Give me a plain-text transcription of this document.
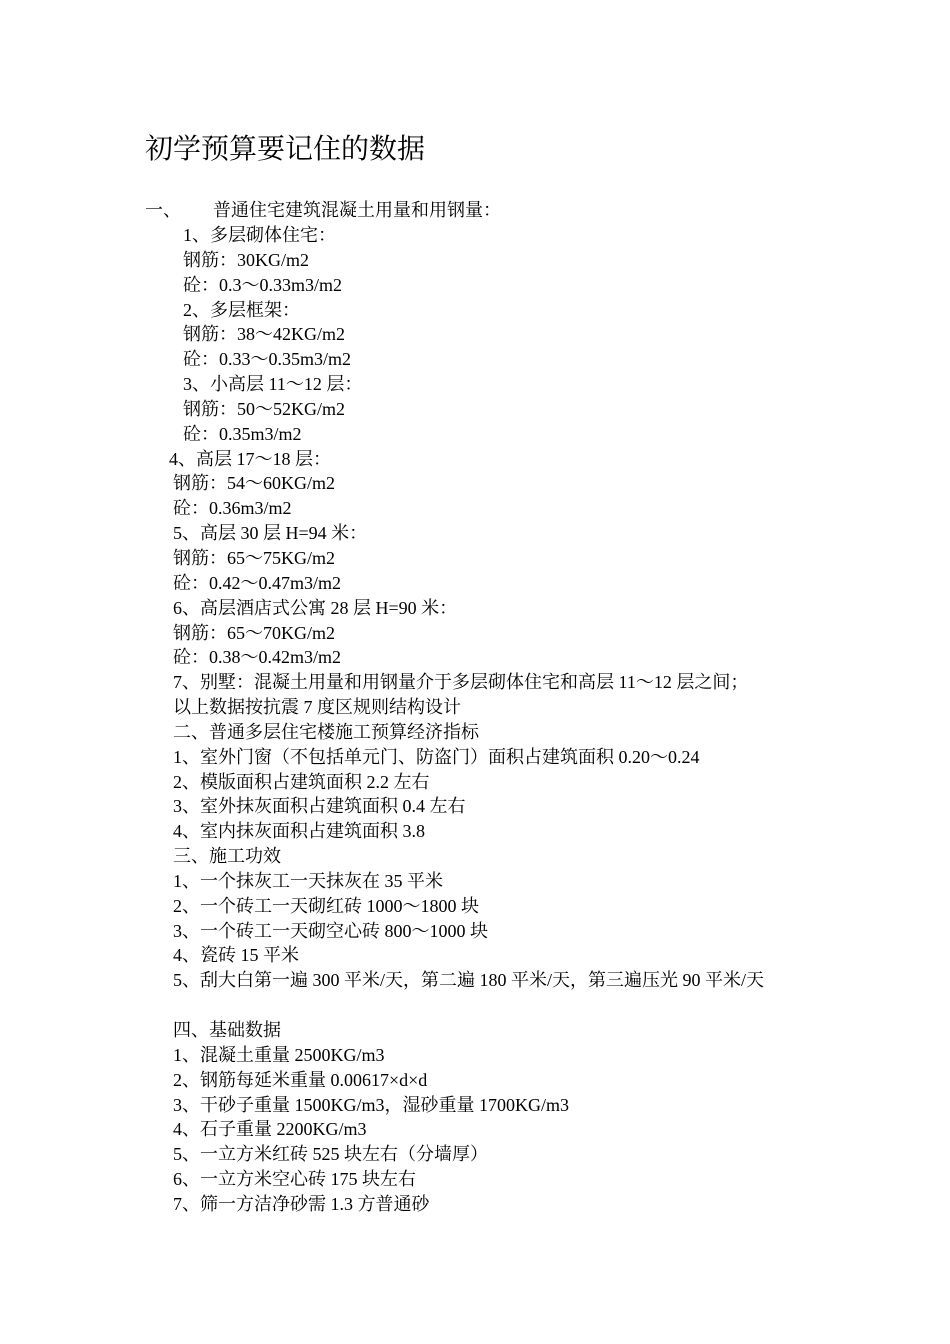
初学预算要记住的数据
一、 普通住宅建筑混凝土用量和用钢量：
1、多层砌体住宅：
钢筋：30KG/m2
砼：0.3～0.33m3/m2
2、多层框架：
钢筋：38～42KG/m2
砼：0.33～0.35m3/m2
3、小高层 11～12 层：
钢筋：50～52KG/m2
砼：0.35m3/m2
4、高层 17～18 层：
钢筋：54～60KG/m2
砼：0.36m3/m2
5、高层 30 层 H=94 米：
钢筋：65～75KG/m2
砼：0.42～0.47m3/m2
6、高层酒店式公寓 28 层 H=90 米：
钢筋：65～70KG/m2
砼：0.38～0.42m3/m2
7、别墅：混凝土用量和用钢量介于多层砌体住宅和高层 11～12 层之间；
以上数据按抗震 7 度区规则结构设计
二、普通多层住宅楼施工预算经济指标
1、室外门窗（不包括单元门、防盗门）面积占建筑面积 0.20～0.24
2、模版面积占建筑面积 2.2 左右
3、室外抹灰面积占建筑面积 0.4 左右
4、室内抹灰面积占建筑面积 3.8
三、施工功效
1、一个抹灰工一天抹灰在 35 平米
2、一个砖工一天砌红砖 1000～1800 块
3、一个砖工一天砌空心砖 800～1000 块
4、瓷砖 15 平米
5、刮大白第一遍 300 平米/天，第二遍 180 平米/天，第三遍压光 90 平米/天
四、基础数据
1、混凝土重量 2500KG/m3
2、钢筋每延米重量 0.00617×d×d
3、干砂子重量 1500KG/m3，湿砂重量 1700KG/m3
4、石子重量 2200KG/m3
5、一立方米红砖 525 块左右（分墙厚）
6、一立方米空心砖 175 块左右
7、筛一方洁净砂需 1.3 方普通砂
